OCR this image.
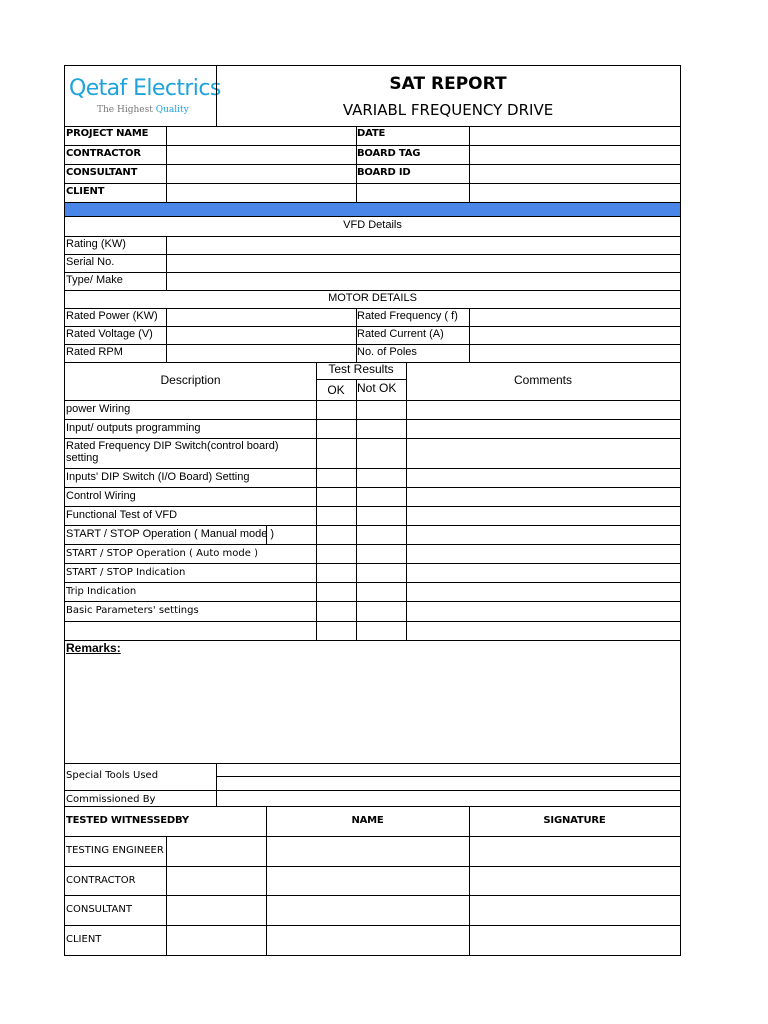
Qetaf Electrics
The Highest Quality
SAT REPORT
VARIABL FREQUENCY DRIVE
PROJECT NAME	DATE
CONTRACTOR	BOARD TAG
CONSULTANT	BOARD ID
CLIENT
VFD Details
Rating (KW)
Serial No.
Type/ Make
MOTOR DETAILS
Rated Power (KW)	Rated Frequency ( f)
Rated Voltage (V)	Rated Current (A)
Rated RPM	No. of Poles
Description
Test Results
OK	Not OK
Comments
power Wiring
Input/ outputs programming
Rated Frequency DIP Switch(control board) setting
Inputs' DIP Switch (I/O Board) Setting
Control Wiring
Functional Test of VFD
START / STOP Operation ( Manual mode )
START / STOP Operation ( Auto mode )
START / STOP Indication
Trip Indication
Basic Parameters' settings
Remarks:
Special Tools Used
Commissioned By
TESTED WITNESSEDBY	NAME	SIGNATURE
TESTING ENGINEER
CONTRACTOR
CONSULTANT
CLIENT
